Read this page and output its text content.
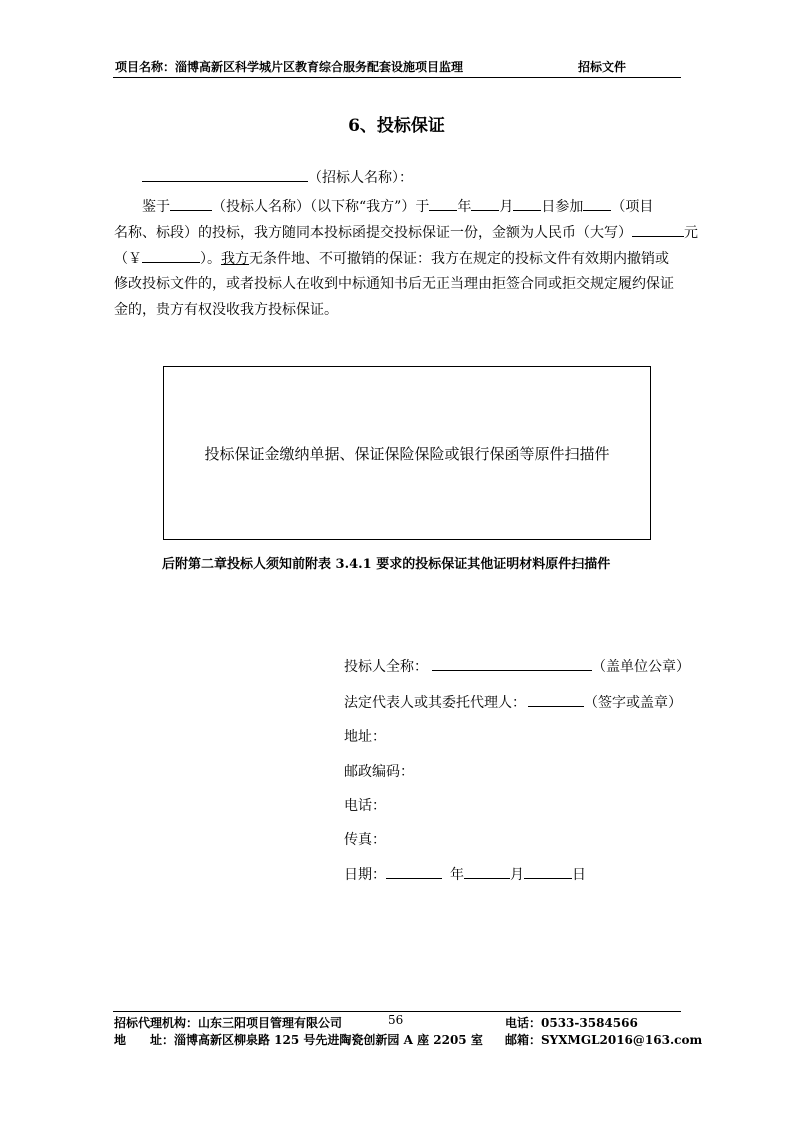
项目名称：淄博高新区科学城片区教育综合服务配套设施项目监理	招标文件
6、投标保证
（招标人名称）：
鉴于	（投标人名称）（以下称“我方”）于 年 月 日参加 （项目
名称、标段）的投标，我方随同本投标函提交投标保证一份，金额为人民币（大写）	元
（￥	）。我方无条件地、不可撤销的保证：我方在规定的投标文件有效期内撤销或
修改投标文件的，或者投标人在收到中标通知书后无正当理由拒签合同或拒交规定履约保证
金的，贵方有权没收我方投标保证。
投标保证金缴纳单据、保证保险保险或银行保函等原件扫描件
后附第二章投标人须知前附表 3.4.1 要求的投标保证其他证明材料原件扫描件
投标人全称：	（盖单位公章）
法定代表人或其委托代理人：	（签字或盖章）
地址：
邮政编码：
电话：
传真：
日期：	年	月	日
招标代理机构：山东三阳项目管理有限公司	56	电话：0533-3584566
地　　址：淄博高新区柳泉路 125 号先进陶瓷创新园 A 座 2205 室 邮箱：SYXMGL2016@163.com
